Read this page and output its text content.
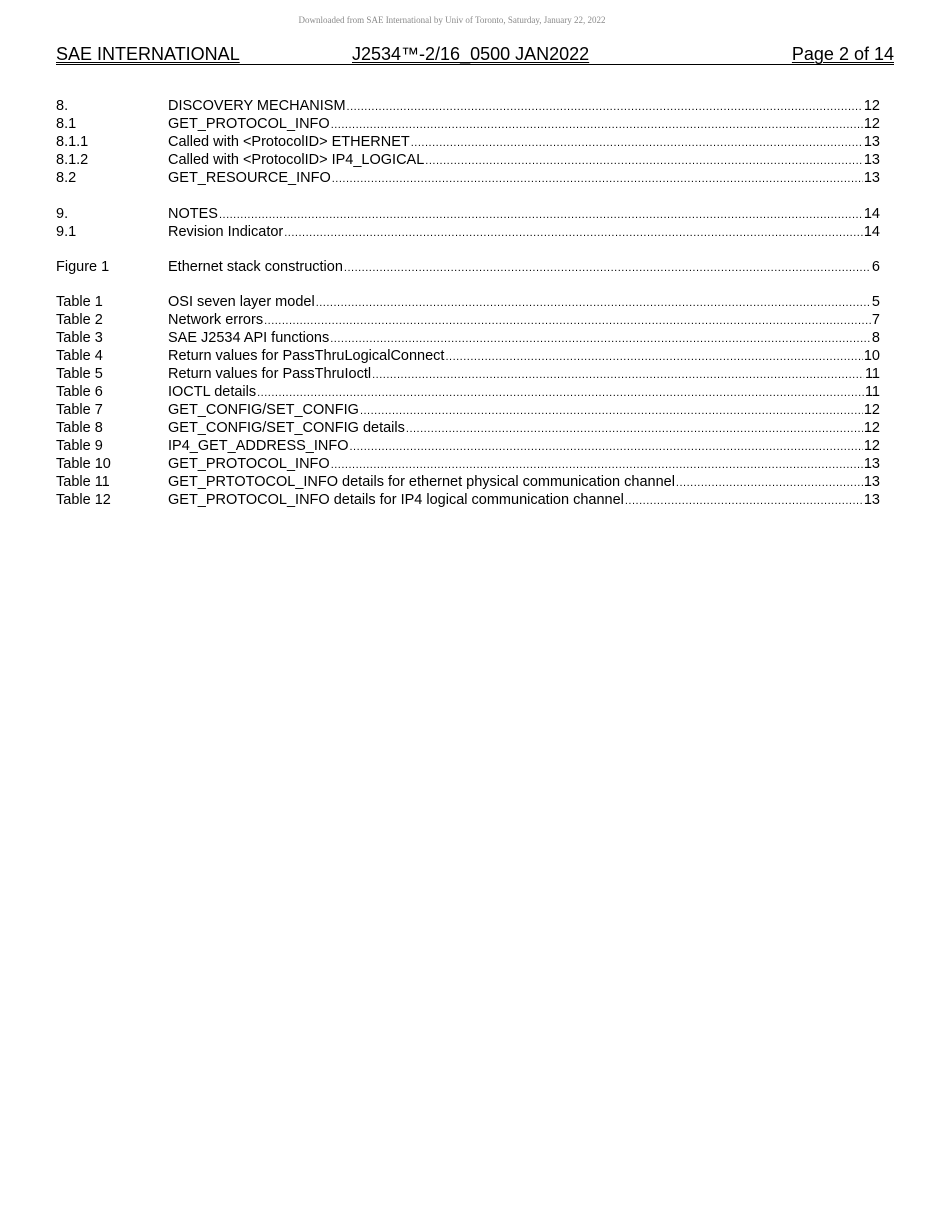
Downloaded from SAE International by Univ of Toronto, Saturday, January 22, 2022
SAE INTERNATIONAL	J2534™-2/16_0500 JAN2022	Page 2 of 14
8.	DISCOVERY MECHANISM .....	12
8.1	GET_PROTOCOL_INFO .....	12
8.1.1	Called with <ProtocolID> ETHERNET .....	13
8.1.2	Called with <ProtocolID> IP4_LOGICAL .....	13
8.2	GET_RESOURCE_INFO .....	13
9.	NOTES .....	14
9.1	Revision Indicator .....	14
Figure 1	Ethernet stack construction .....	6
Table 1	OSI seven layer model .....	5
Table 2	Network errors .....	7
Table 3	SAE J2534 API functions .....	8
Table 4	Return values for PassThruLogicalConnect .....	10
Table 5	Return values for PassThruIoctl .....	11
Table 6	IOCTL details .....	11
Table 7	GET_CONFIG/SET_CONFIG .....	12
Table 8	GET_CONFIG/SET_CONFIG details .....	12
Table 9	IP4_GET_ADDRESS_INFO .....	12
Table 10	GET_PROTOCOL_INFO .....	13
Table 11	GET_PRTOTOCOL_INFO details for ethernet physical communication channel .....	13
Table 12	GET_PROTOCOL_INFO details for IP4 logical communication channel .....	13
